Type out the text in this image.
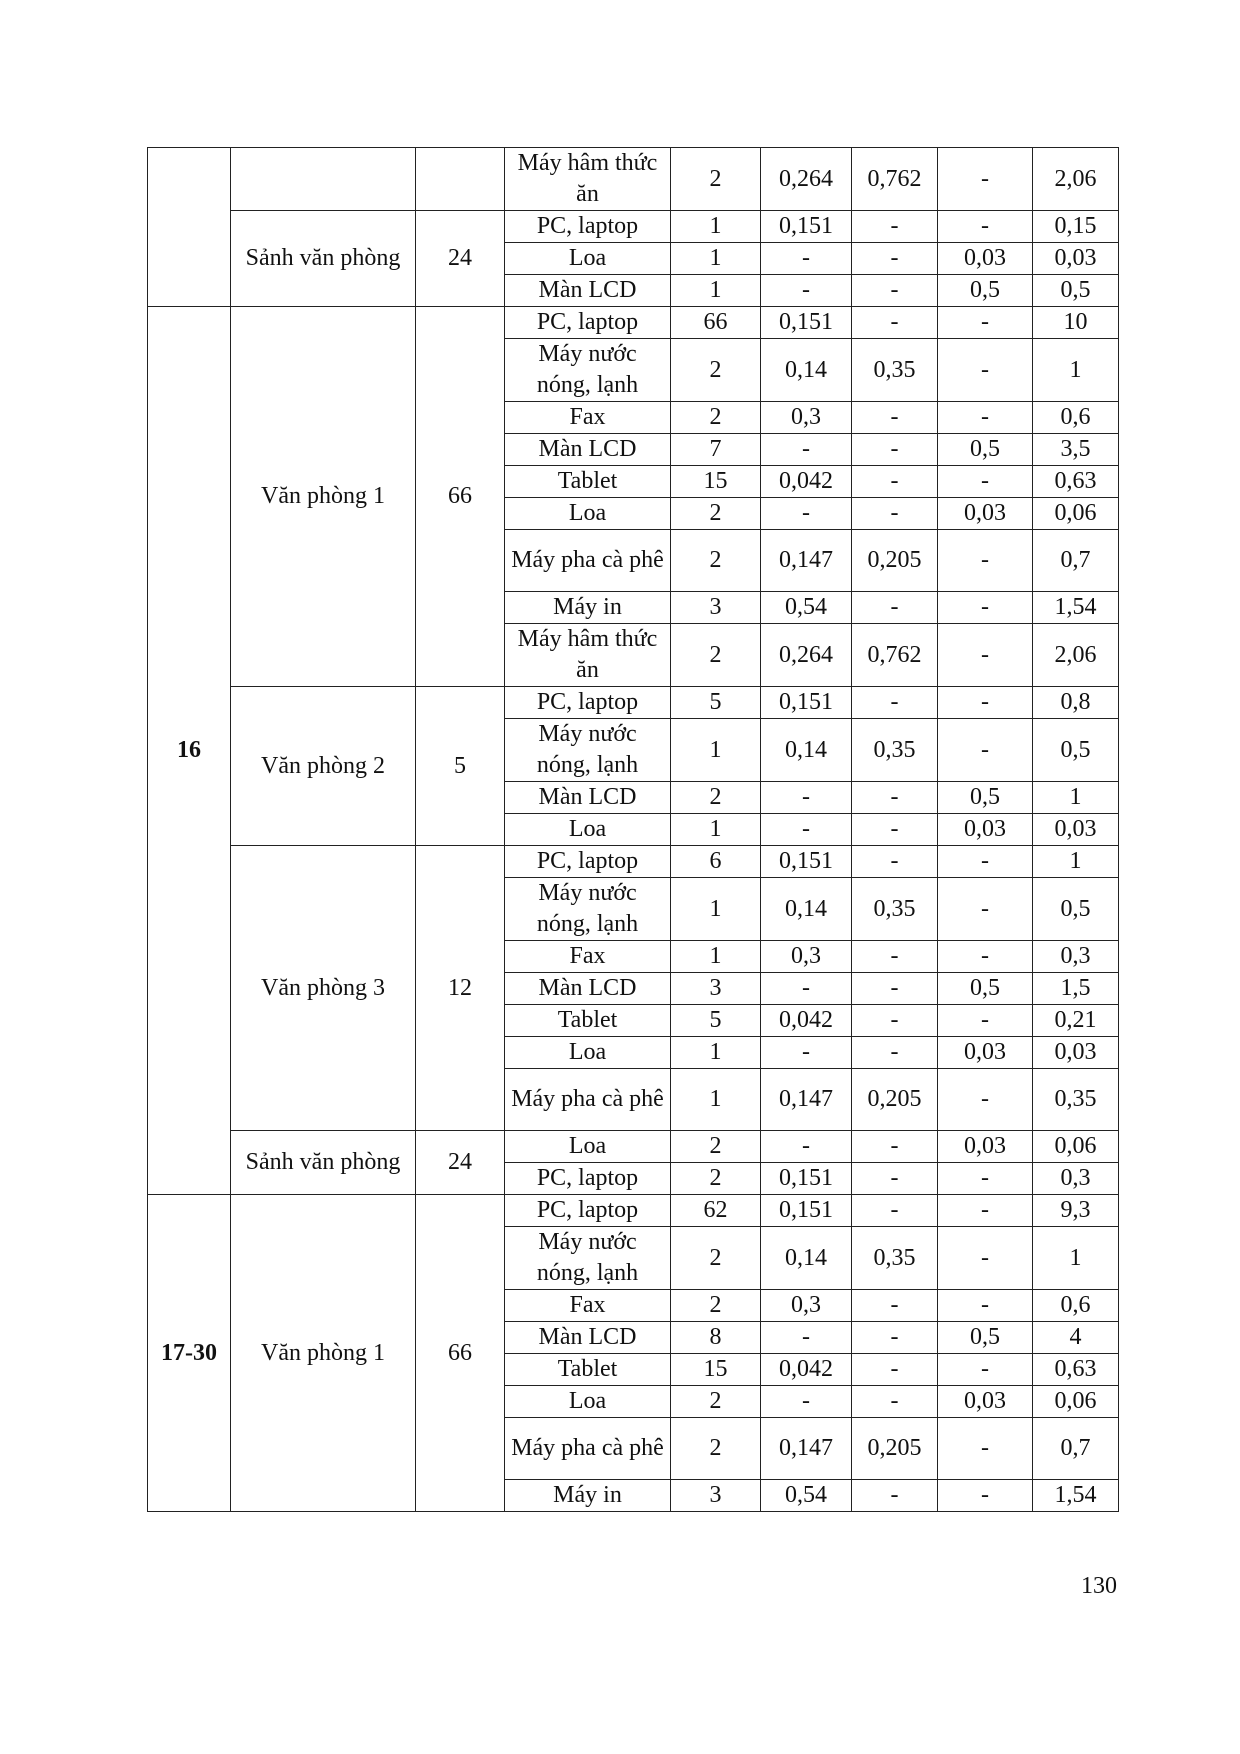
			Máy hâm thức ăn	2	0,264	0,762	-	2,06
	Sảnh văn phòng	24	PC, laptop	1	0,151	-	-	0,15
			Loa	1	-	-	0,03	0,03
			Màn LCD	1	-	-	0,5	0,5
16	Văn phòng 1	66	PC, laptop	66	0,151	-	-	10
			Máy nước nóng, lạnh	2	0,14	0,35	-	1
			Fax	2	0,3	-	-	0,6
			Màn LCD	7	-	-	0,5	3,5
			Tablet	15	0,042	-	-	0,63
			Loa	2	-	-	0,03	0,06
			Máy pha cà phê	2	0,147	0,205	-	0,7
			Máy in	3	0,54	-	-	1,54
			Máy hâm thức ăn	2	0,264	0,762	-	2,06
	Văn phòng 2	5	PC, laptop	5	0,151	-	-	0,8
			Máy nước nóng, lạnh	1	0,14	0,35	-	0,5
			Màn LCD	2	-	-	0,5	1
			Loa	1	-	-	0,03	0,03
	Văn phòng 3	12	PC, laptop	6	0,151	-	-	1
			Máy nước nóng, lạnh	1	0,14	0,35	-	0,5
			Fax	1	0,3	-	-	0,3
			Màn LCD	3	-	-	0,5	1,5
			Tablet	5	0,042	-	-	0,21
			Loa	1	-	-	0,03	0,03
			Máy pha cà phê	1	0,147	0,205	-	0,35
	Sảnh văn phòng	24	Loa	2	-	-	0,03	0,06
			PC, laptop	2	0,151	-	-	0,3
17-30	Văn phòng 1	66	PC, laptop	62	0,151	-	-	9,3
			Máy nước nóng, lạnh	2	0,14	0,35	-	1
			Fax	2	0,3	-	-	0,6
			Màn LCD	8	-	-	0,5	4
			Tablet	15	0,042	-	-	0,63
			Loa	2	-	-	0,03	0,06
			Máy pha cà phê	2	0,147	0,205	-	0,7
			Máy in	3	0,54	-	-	1,54
130
